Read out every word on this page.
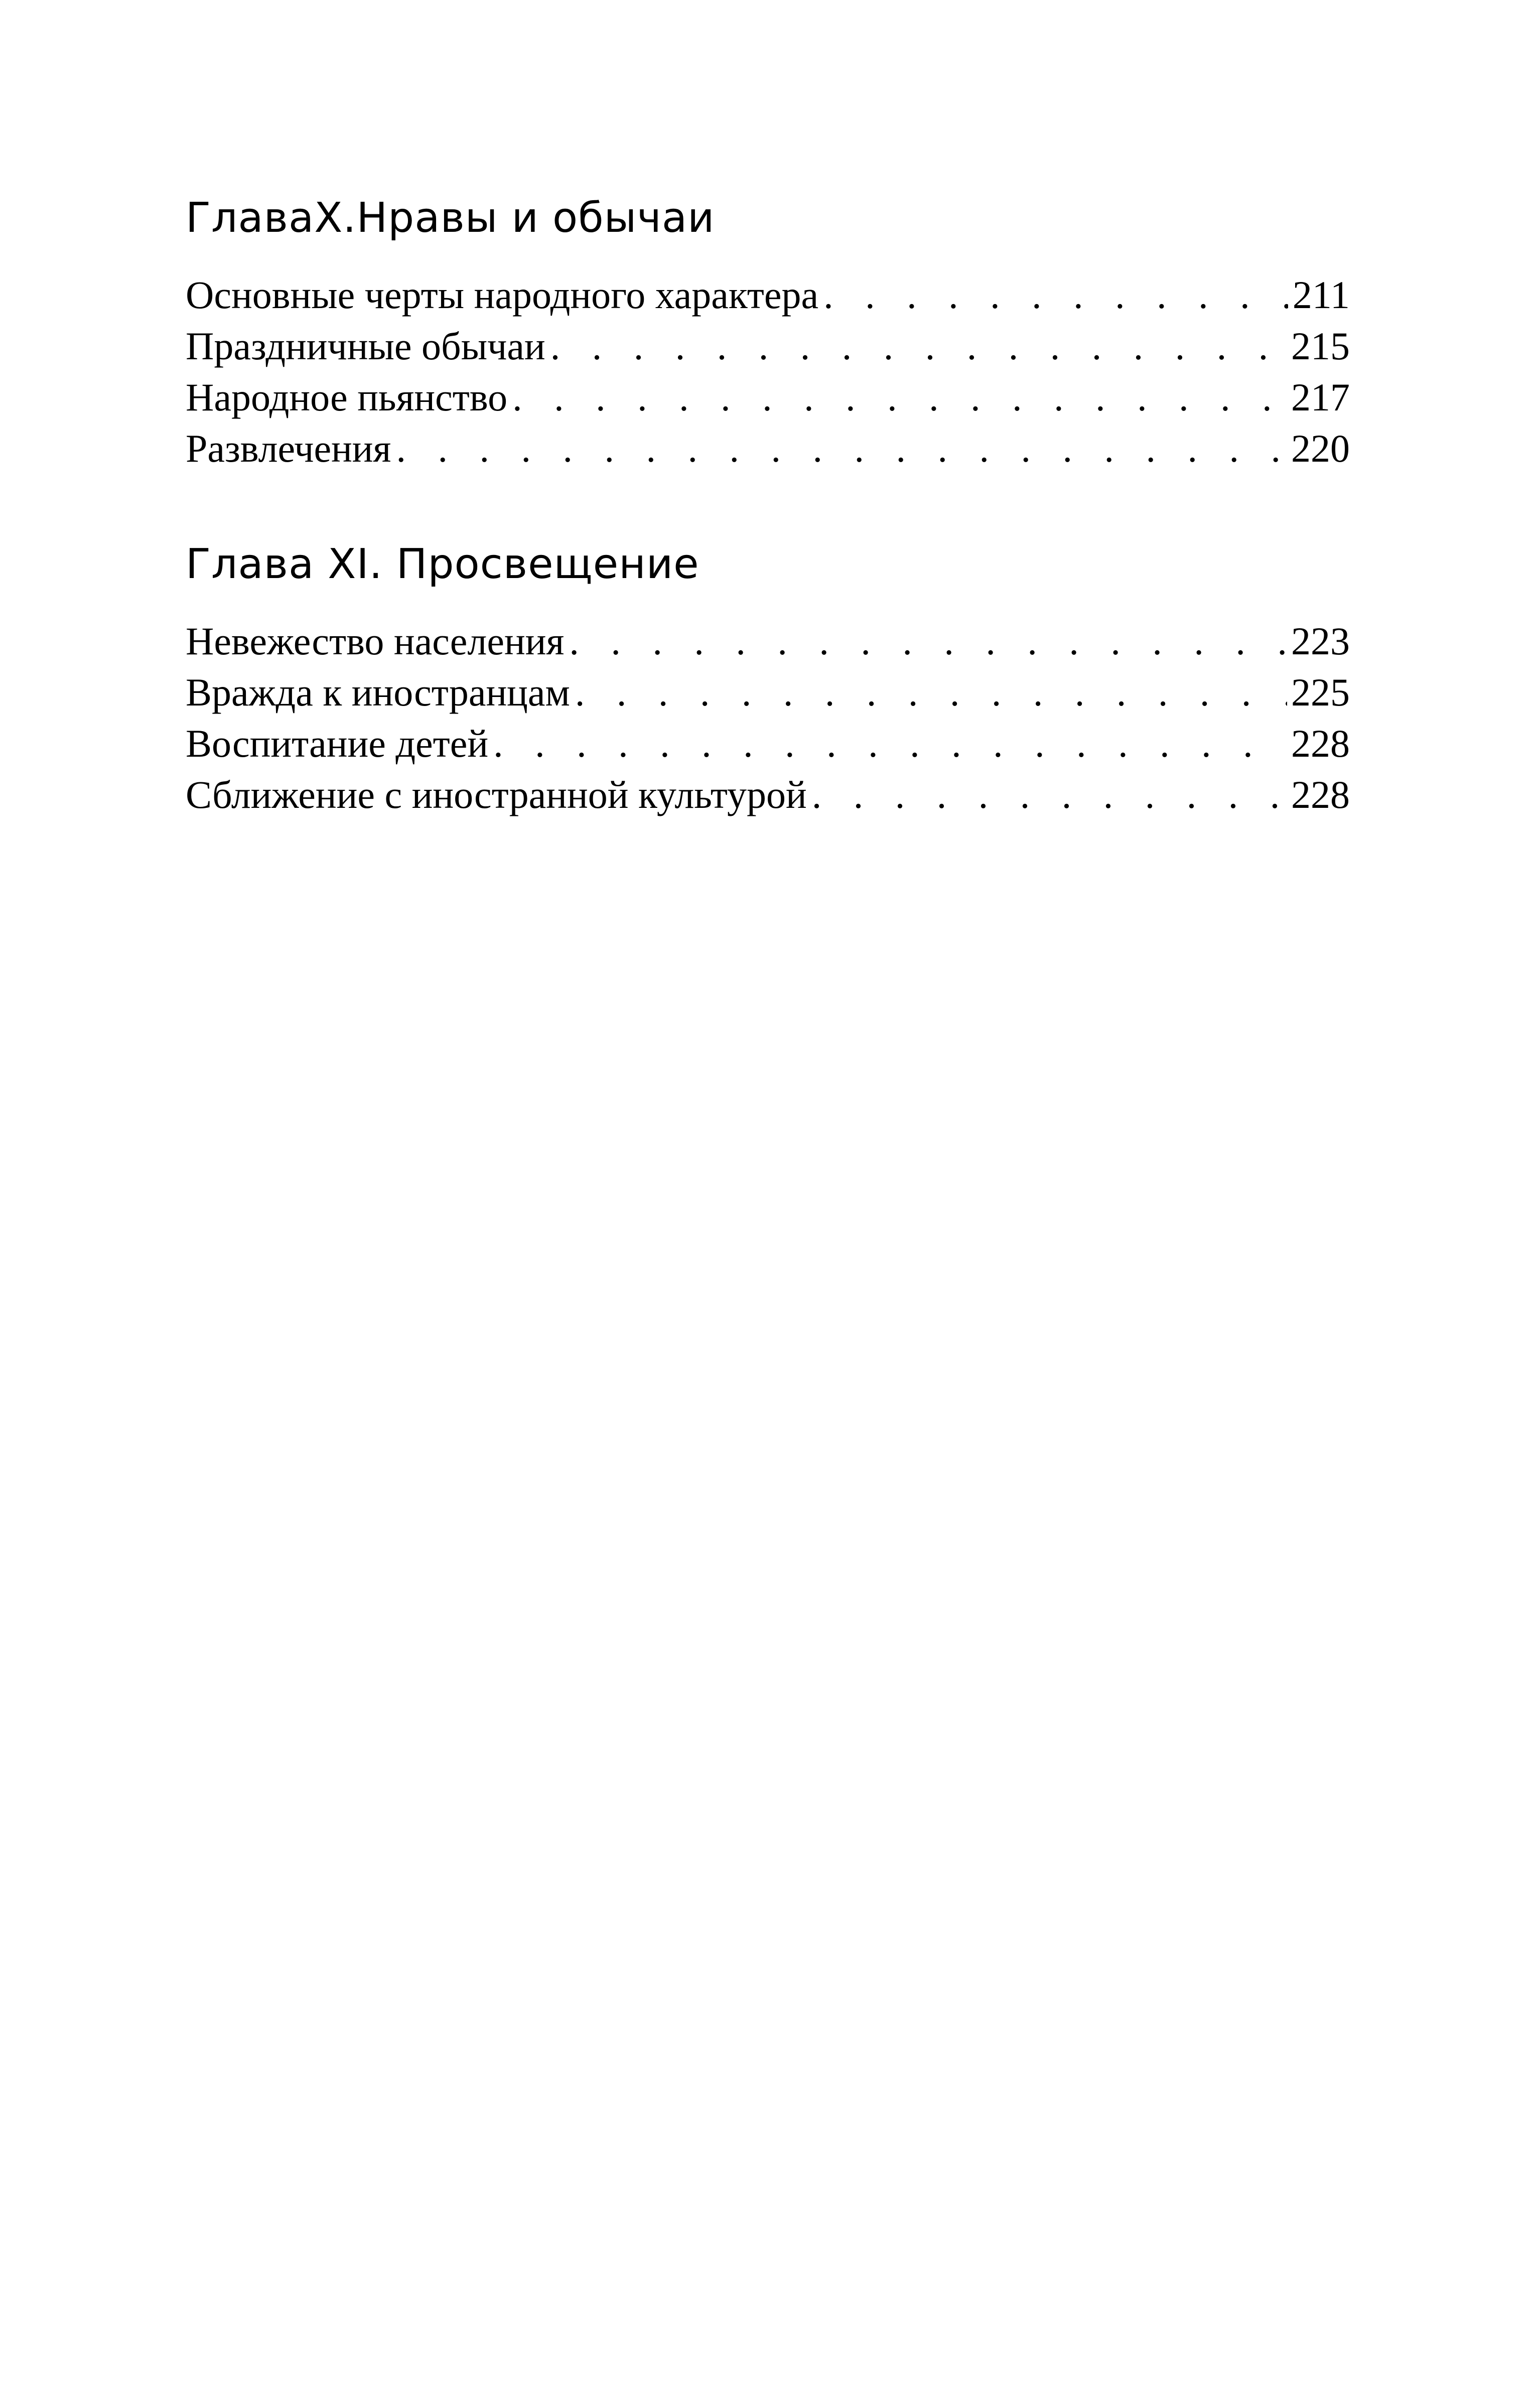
ГлаваX.Нравы и обычаи
Основные черты народного характера . . .	211
Праздничные обычаи . . .	215
Народное пьянство . . .	217
Развлечения . . .	220
Глава XI. Просвещение
Невежество населения . . .	223
Вражда к иностранцам . . .	225
Воспитание детей . . .	228
Сближение с иностранной культурой . . .	228
